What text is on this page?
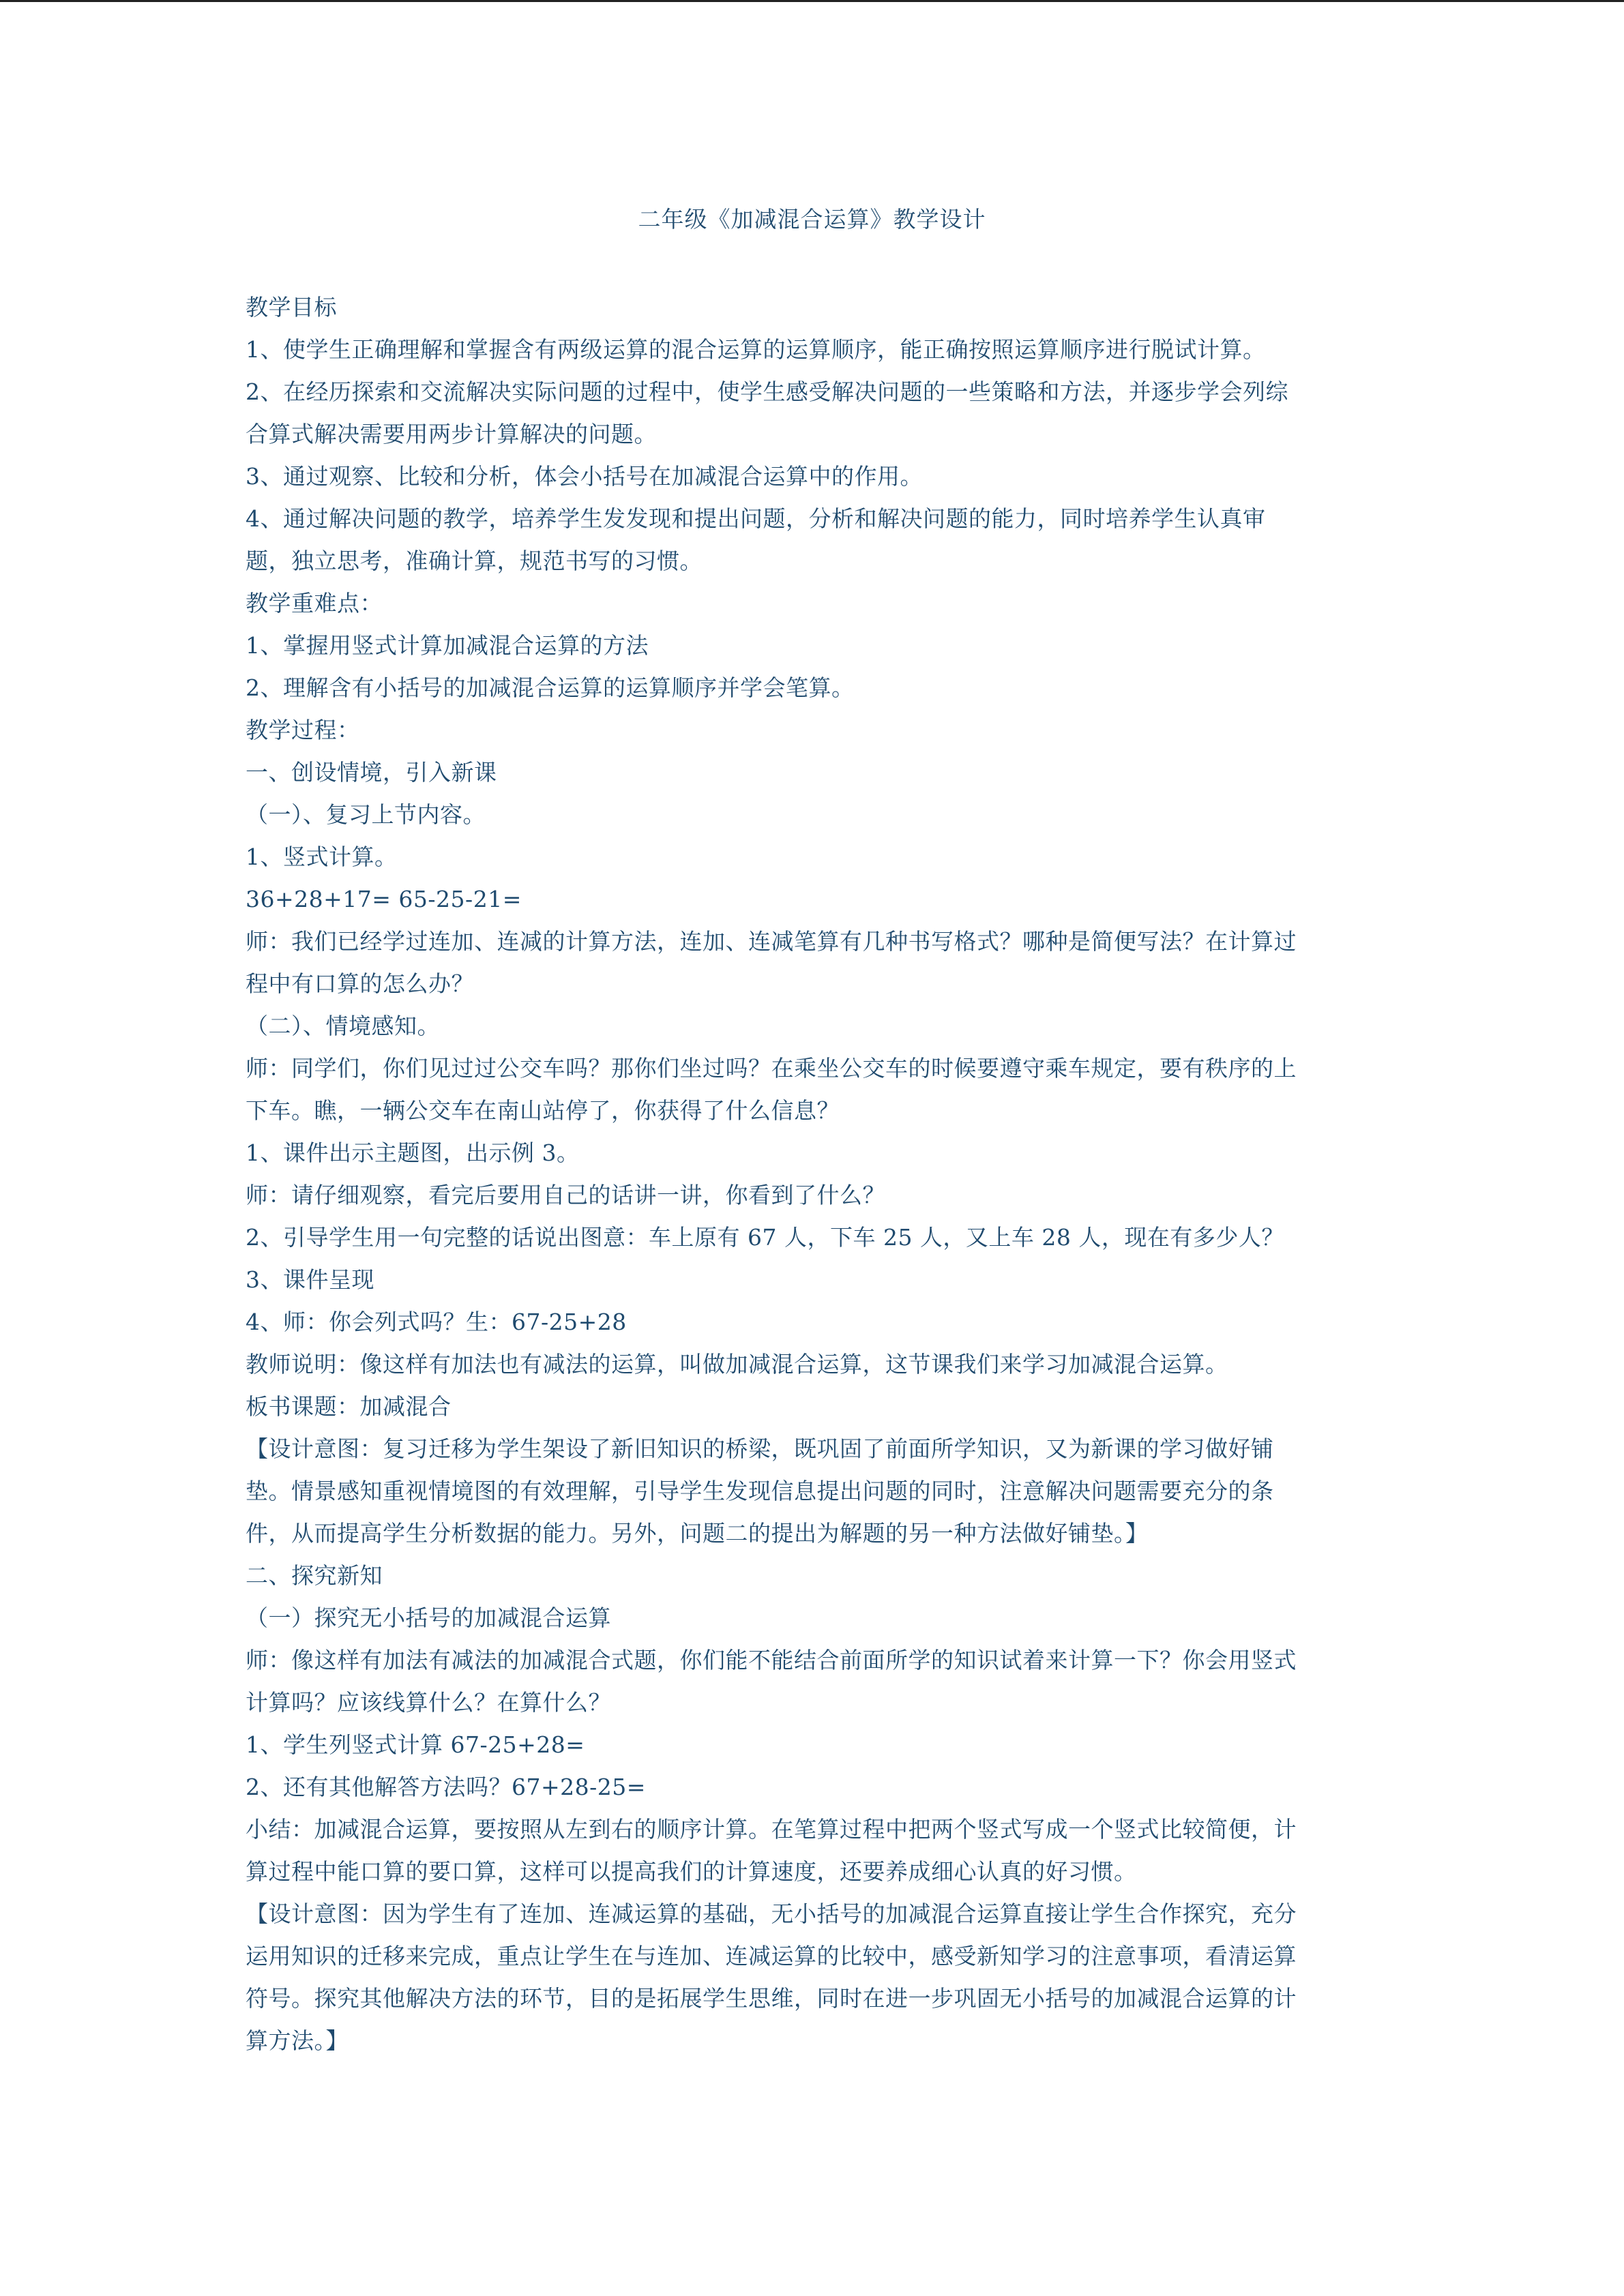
二年级《加减混合运算》教学设计
教学目标
1、使学生正确理解和掌握含有两级运算的混合运算的运算顺序，能正确按照运算顺序进行脱试计算。
2、在经历探索和交流解决实际问题的过程中，使学生感受解决问题的一些策略和方法，并逐步学会列综
合算式解决需要用两步计算解决的问题。
3、通过观察、比较和分析，体会小括号在加减混合运算中的作用。
4、通过解决问题的教学，培养学生发发现和提出问题，分析和解决问题的能力，同时培养学生认真审
题，独立思考，准确计算，规范书写的习惯。
教学重难点：
1、掌握用竖式计算加减混合运算的方法
2、理解含有小括号的加减混合运算的运算顺序并学会笔算。
教学过程：
一、创设情境，引入新课
（一）、复习上节内容。
1、竖式计算。
36+28+17= 65-25-21=
师：我们已经学过连加、连减的计算方法，连加、连减笔算有几种书写格式？哪种是简便写法？在计算过
程中有口算的怎么办？
（二）、情境感知。
师：同学们，你们见过过公交车吗？那你们坐过吗？在乘坐公交车的时候要遵守乘车规定，要有秩序的上
下车。瞧，一辆公交车在南山站停了，你获得了什么信息？
1、课件出示主题图，出示例 3。
师：请仔细观察，看完后要用自己的话讲一讲，你看到了什么？
2、引导学生用一句完整的话说出图意：车上原有 67 人，下车 25 人，又上车 28 人，现在有多少人？
3、课件呈现
4、师：你会列式吗？生：67-25+28
教师说明：像这样有加法也有减法的运算，叫做加减混合运算，这节课我们来学习加减混合运算。
板书课题：加减混合
【设计意图：复习迁移为学生架设了新旧知识的桥梁，既巩固了前面所学知识，又为新课的学习做好铺
垫。情景感知重视情境图的有效理解，引导学生发现信息提出问题的同时，注意解决问题需要充分的条
件，从而提高学生分析数据的能力。另外，问题二的提出为解题的另一种方法做好铺垫。】
二、探究新知
（一）探究无小括号的加减混合运算
师：像这样有加法有减法的加减混合式题，你们能不能结合前面所学的知识试着来计算一下？你会用竖式
计算吗？应该线算什么？在算什么？
1、学生列竖式计算 67-25+28=
2、还有其他解答方法吗？67+28-25=
小结：加减混合运算，要按照从左到右的顺序计算。在笔算过程中把两个竖式写成一个竖式比较简便，计
算过程中能口算的要口算，这样可以提高我们的计算速度，还要养成细心认真的好习惯。
【设计意图：因为学生有了连加、连减运算的基础，无小括号的加减混合运算直接让学生合作探究，充分
运用知识的迁移来完成，重点让学生在与连加、连减运算的比较中，感受新知学习的注意事项，看清运算
符号。探究其他解决方法的环节，目的是拓展学生思维，同时在进一步巩固无小括号的加减混合运算的计
算方法。】
